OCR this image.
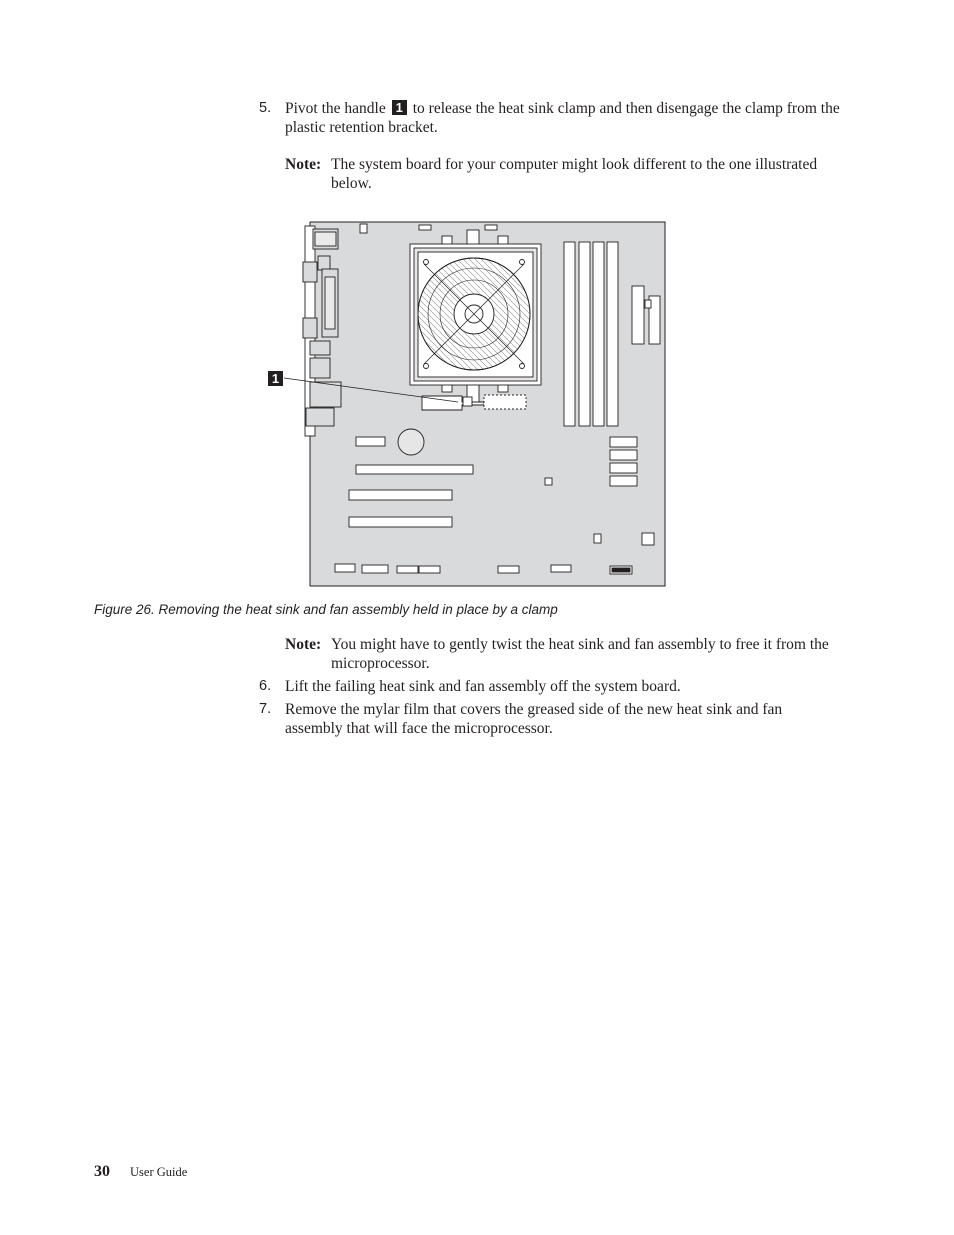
5. Pivot the handle 1 to release the heat sink clamp and then disengage the clamp from the plastic retention bracket.
Note: The system board for your computer might look different to the one illustrated below.
1
Figure 26. Removing the heat sink and fan assembly held in place by a clamp
Note: You might have to gently twist the heat sink and fan assembly to free it from the microprocessor.
6. Lift the failing heat sink and fan assembly off the system board.
7. Remove the mylar film that covers the greased side of the new heat sink and fan assembly that will face the microprocessor.
30 User Guide
